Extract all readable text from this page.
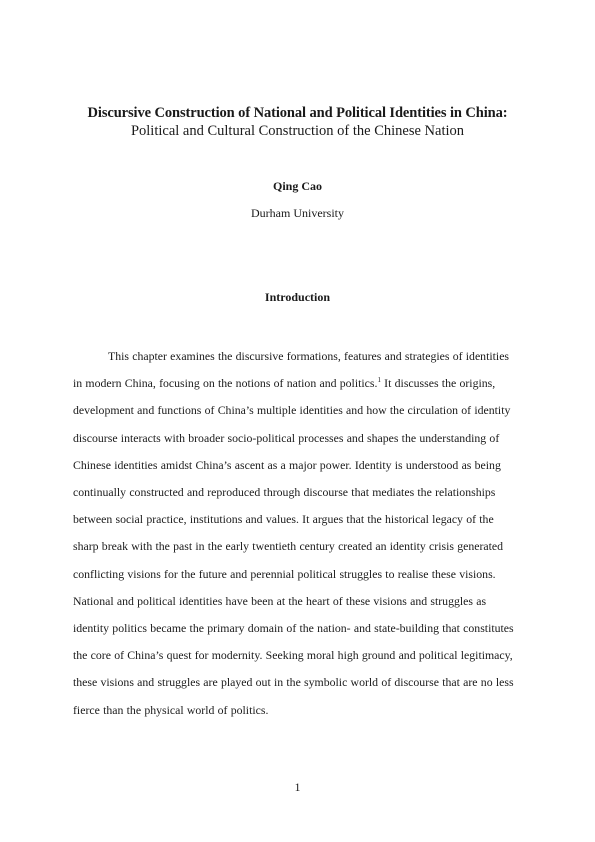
Discursive Construction of National and Political Identities in China:
Political and Cultural Construction of the Chinese Nation
Qing Cao
Durham University
Introduction
This chapter examines the discursive formations, features and strategies of identities
in modern China, focusing on the notions of nation and politics.$^1$ It discusses the origins,
development and functions of China’s multiple identities and how the circulation of identity
discourse interacts with broader socio-political processes and shapes the understanding of
Chinese identities amidst China’s ascent as a major power. Identity is understood as being
continually constructed and reproduced through discourse that mediates the relationships
between social practice, institutions and values. It argues that the historical legacy of the
sharp break with the past in the early twentieth century created an identity crisis generated
conflicting visions for the future and perennial political struggles to realise these visions.
National and political identities have been at the heart of these visions and struggles as
identity politics became the primary domain of the nation- and state-building that constitutes
the core of China’s quest for modernity. Seeking moral high ground and political legitimacy,
these visions and struggles are played out in the symbolic world of discourse that are no less
fierce than the physical world of politics.
1
